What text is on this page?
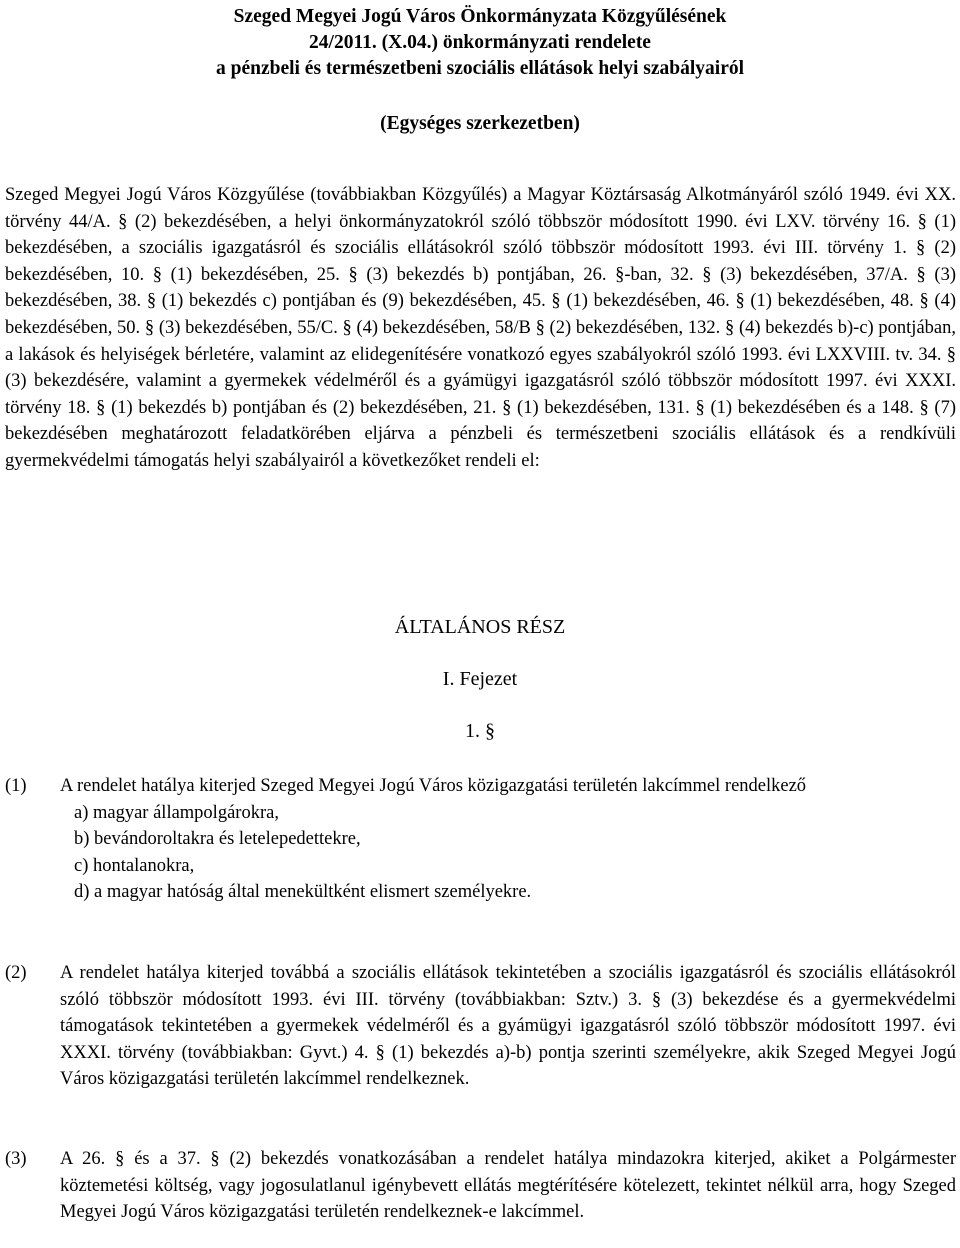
Szeged Megyei Jogú Város Önkormányzata Közgyűlésének
24/2011. (X.04.) önkormányzati rendelete
a pénzbeli és természetbeni szociális ellátások helyi szabályairól
(Egységes szerkezetben)
Szeged Megyei Jogú Város Közgyűlése (továbbiakban Közgyűlés) a Magyar Köztársaság Alkotmányáról szóló 1949. évi XX. törvény 44/A. § (2) bekezdésében, a helyi önkormányzatokról szóló többször módosított 1990. évi LXV. törvény 16. § (1) bekezdésében, a szociális igazgatásról és szociális ellátásokról szóló többször módosított 1993. évi III. törvény 1. § (2) bekezdésében, 10. § (1) bekezdésében, 25. § (3) bekezdés b) pontjában, 26. §-ban, 32. § (3) bekezdésében, 37/A. § (3) bekezdésében, 38. § (1) bekezdés c) pontjában és (9) bekezdésében, 45. § (1) bekezdésében, 46. § (1) bekezdésében, 48. § (4) bekezdésében, 50. § (3) bekezdésében, 55/C. § (4) bekezdésében, 58/B § (2) bekezdésében, 132. § (4) bekezdés b)-c) pontjában, a lakások és helyiségek bérletére, valamint az elidegenítésére vonatkozó egyes szabályokról szóló 1993. évi LXXVIII. tv. 34. § (3) bekezdésére, valamint a gyermekek védelméről és a gyámügyi igazgatásról szóló többször módosított 1997. évi XXXI. törvény 18. § (1) bekezdés b) pontjában és (2) bekezdésében, 21. § (1) bekezdésében, 131. § (1) bekezdésében és a 148. § (7) bekezdésében meghatározott feladatkörében eljárva a pénzbeli és természetbeni szociális ellátások és a rendkívüli gyermekvédelmi támogatás helyi szabályairól a következőket rendeli el:
ÁLTALÁNOS RÉSZ
I. Fejezet
1. §
(1)	A rendelet hatálya kiterjed Szeged Megyei Jogú Város közigazgatási területén lakcímmel rendelkező
a) magyar állampolgárokra,
b) bevándoroltakra és letelepedettekre,
c) hontalanokra,
d) a magyar hatóság által menekültként elismert személyekre.
(2)	A rendelet hatálya kiterjed továbbá a szociális ellátások tekintetében a szociális igazgatásról és szociális ellátásokról szóló többször módosított 1993. évi III. törvény (továbbiakban: Sztv.) 3. § (3) bekezdése és a gyermekvédelmi támogatások tekintetében a gyermekek védelméről és a gyámügyi igazgatásról szóló többször módosított 1997. évi XXXI. törvény (továbbiakban: Gyvt.) 4. § (1) bekezdés a)-b) pontja szerinti személyekre, akik Szeged Megyei Jogú Város közigazgatási területén lakcímmel rendelkeznek.
(3)	A 26. § és a 37. § (2) bekezdés vonatkozásában a rendelet hatálya mindazokra kiterjed, akiket a Polgármester köztemetési költség, vagy jogosulatlanul igénybevett ellátás megtérítésére kötelezett, tekintet nélkül arra, hogy Szeged Megyei Jogú Város közigazgatási területén rendelkeznek-e lakcímmel.
